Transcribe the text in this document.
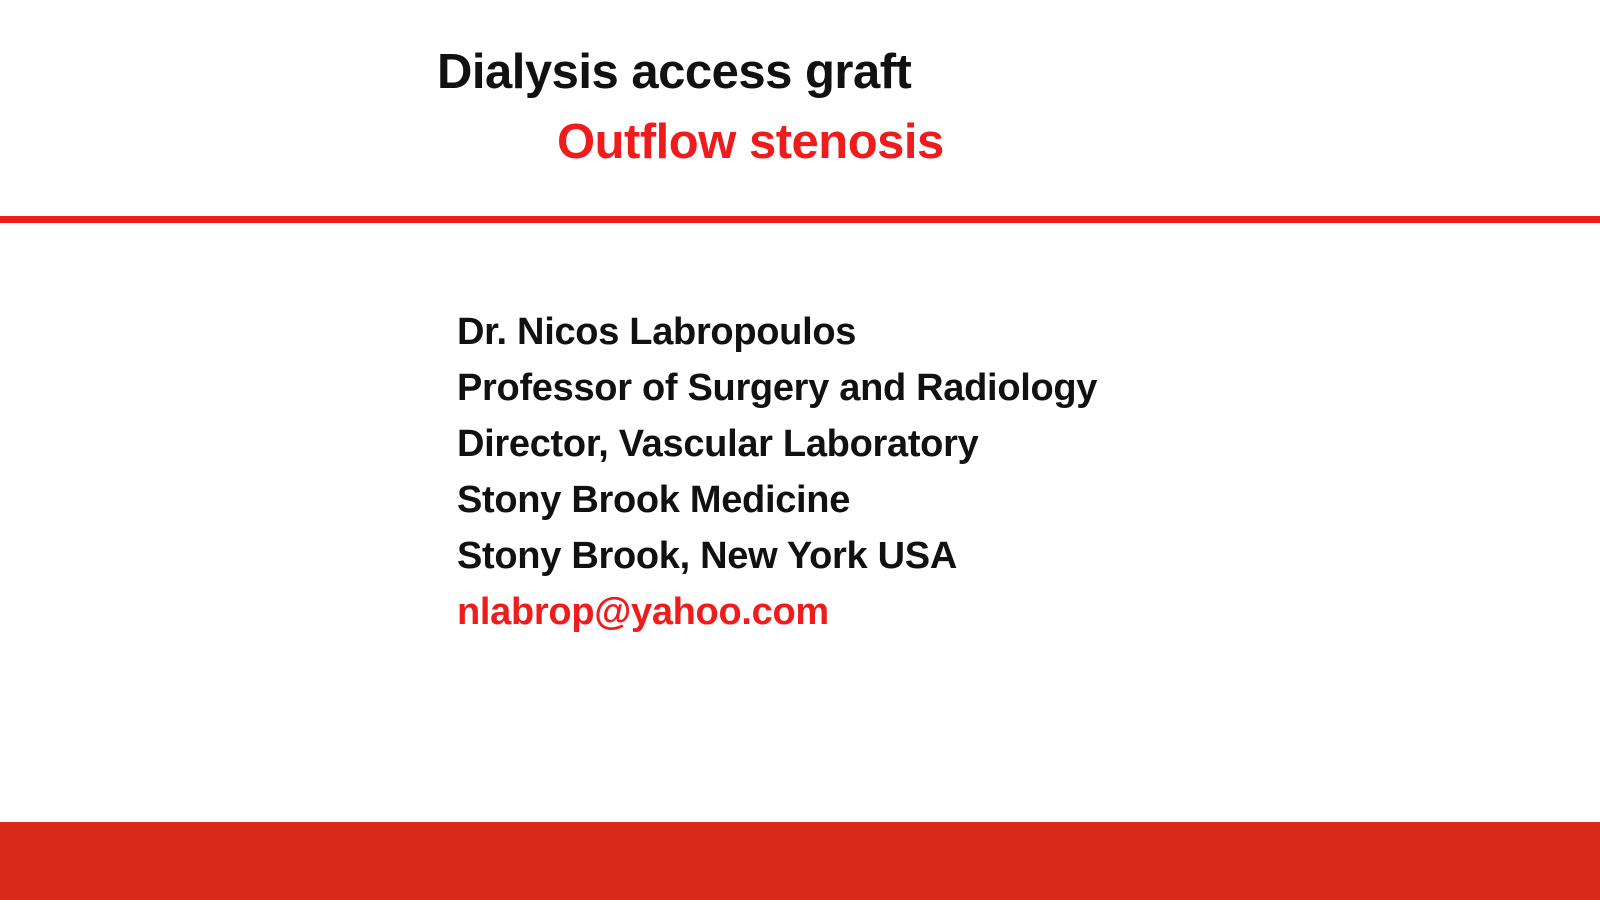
Dialysis access graft
Outflow stenosis
Dr. Nicos Labropoulos
Professor of Surgery and Radiology
Director, Vascular Laboratory
Stony Brook Medicine
Stony Brook, New York USA
nlabrop@yahoo.com
